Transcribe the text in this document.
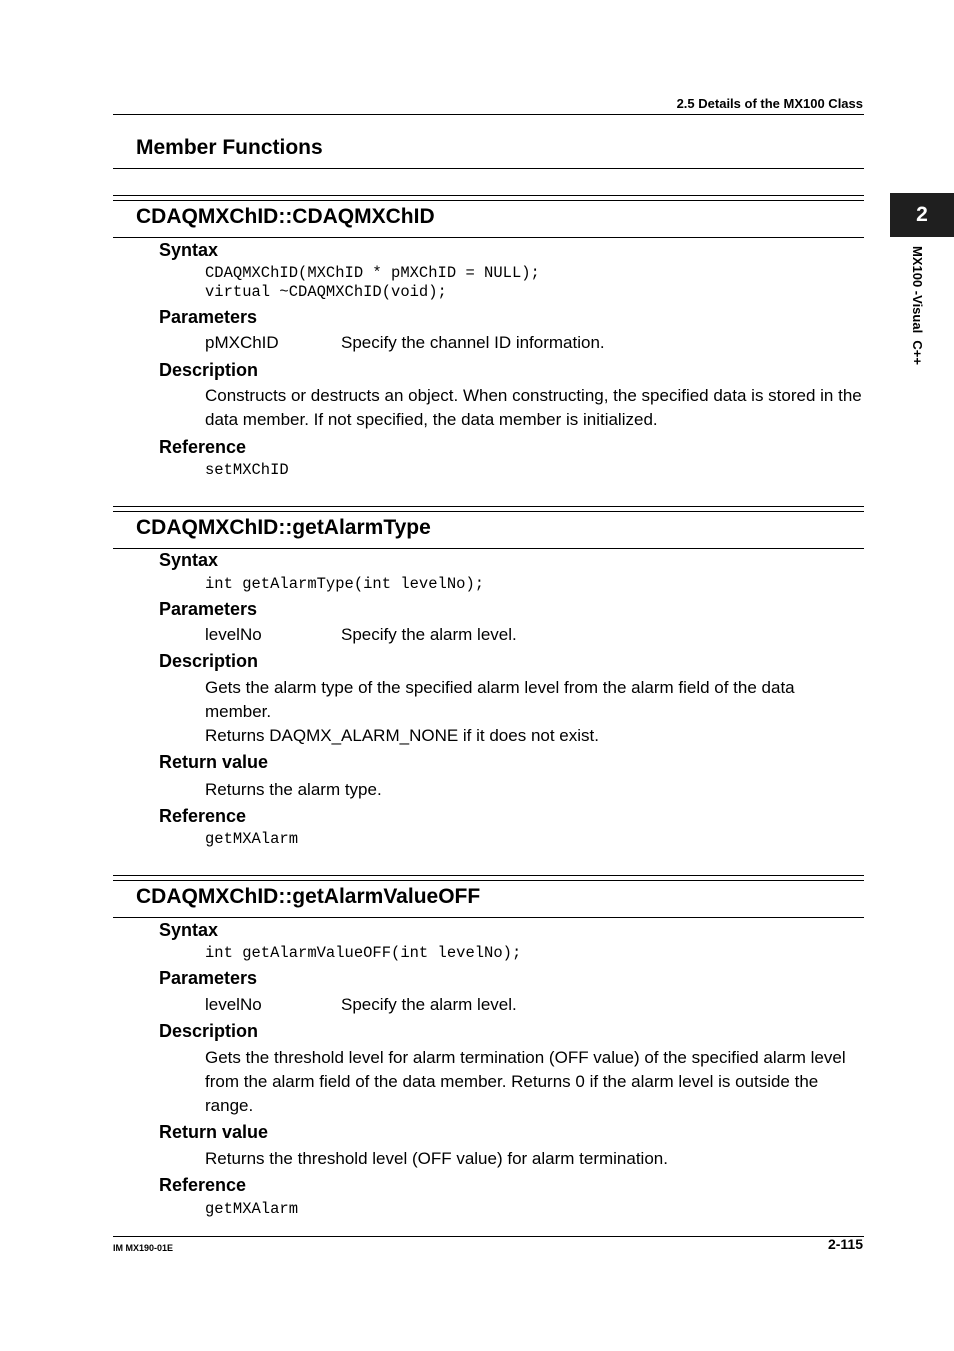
2.5 Details of the MX100 Class
Member Functions
2
MX100 -Visual  C++
CDAQMXChID::CDAQMXChID
Syntax
CDAQMXChID(MXChID * pMXChID = NULL);
virtual ~CDAQMXChID(void);
Parameters
pMXChID	Specify the channel ID information.
Description
Constructs or destructs an object. When constructing, the specified data is stored in the data member. If not specified, the data member is initialized.
Reference
setMXChID
CDAQMXChID::getAlarmType
Syntax
int getAlarmType(int levelNo);
Parameters
levelNo	Specify the alarm level.
Description
Gets the alarm type of the specified alarm level from the alarm field of the data member.
Returns DAQMX_ALARM_NONE if it does not exist.
Return value
Returns the alarm type.
Reference
getMXAlarm
CDAQMXChID::getAlarmValueOFF
Syntax
int getAlarmValueOFF(int levelNo);
Parameters
levelNo	Specify the alarm level.
Description
Gets the threshold level for alarm termination (OFF value) of the specified alarm level from the alarm field of the data member. Returns 0 if the alarm level is outside the range.
Return value
Returns the threshold level (OFF value) for alarm termination.
Reference
getMXAlarm
IM MX190-01E	2-115
